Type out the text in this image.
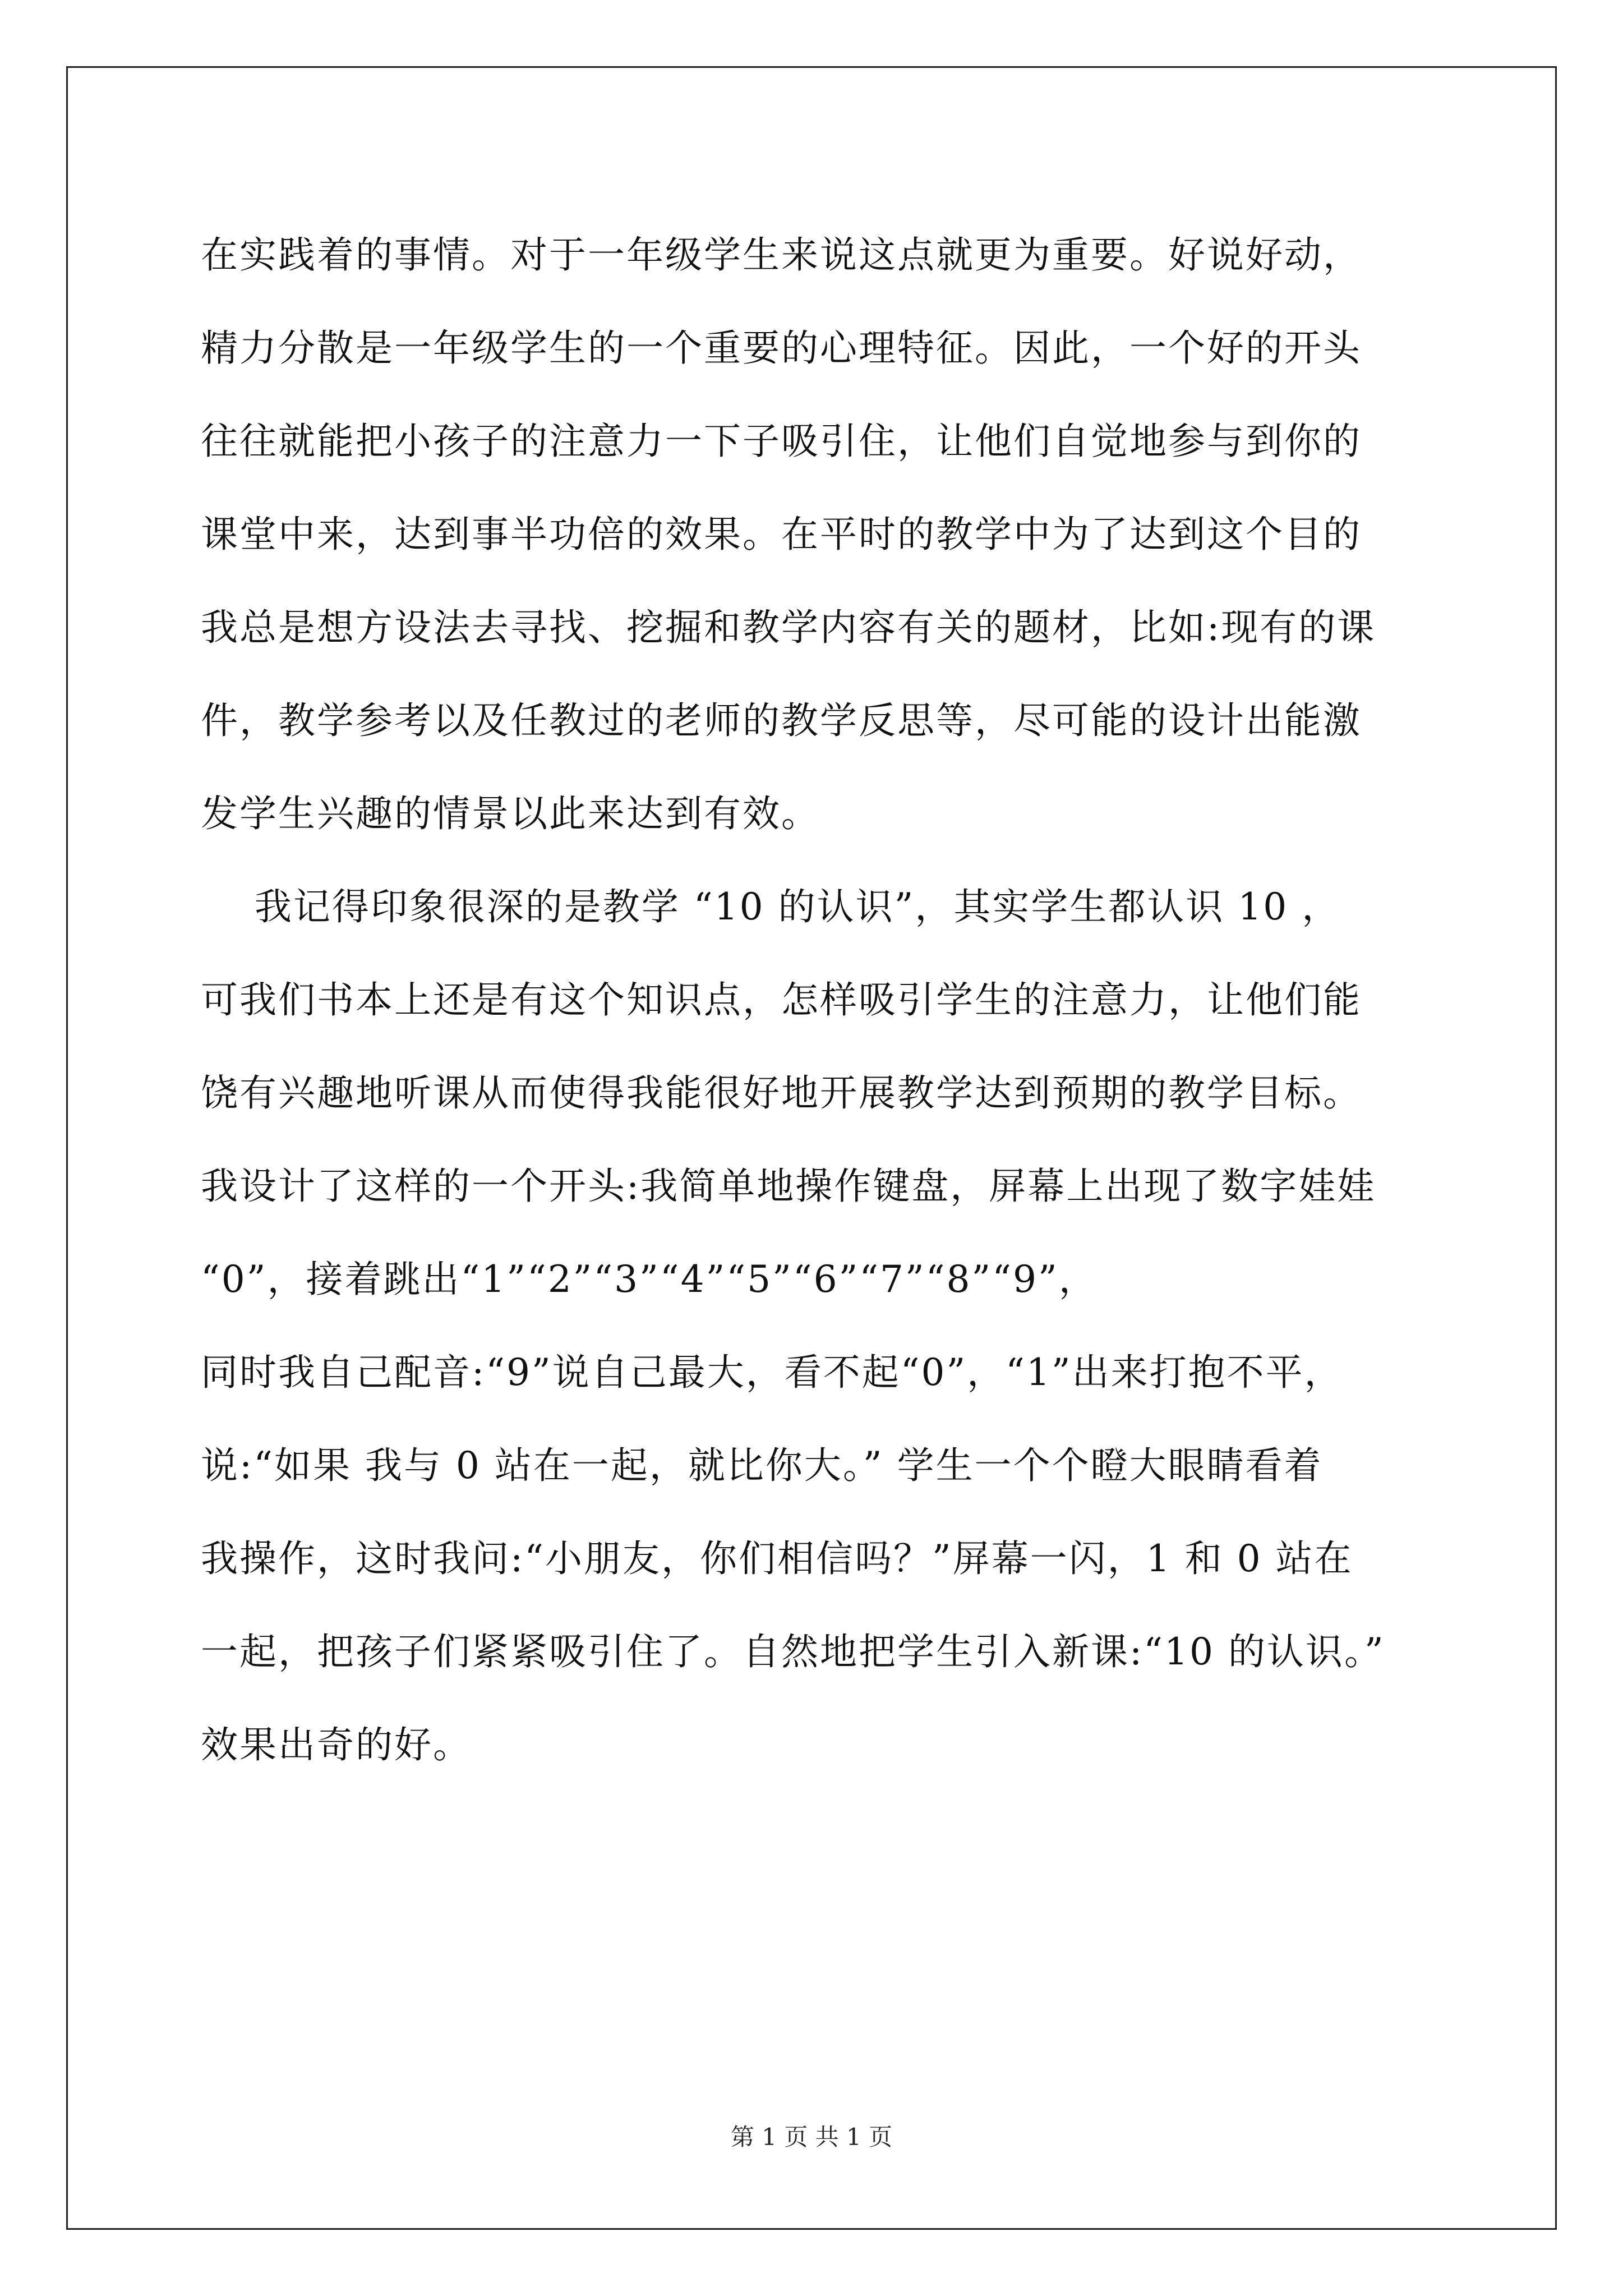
在实践着的事情。对于一年级学生来说这点就更为重要。好说好动，
精力分散是一年级学生的一个重要的心理特征。因此，一个好的开头
往往就能把小孩子的注意力一下子吸引住，让他们自觉地参与到你的
课堂中来，达到事半功倍的效果。在平时的教学中为了达到这个目的
我总是想方设法去寻找、挖掘和教学内容有关的题材，比如:现有的课
件，教学参考以及任教过的老师的教学反思等，尽可能的设计出能激
发学生兴趣的情景以此来达到有效。
我记得印象很深的是教学 “10 的认识”，其实学生都认识 10 ，
可我们书本上还是有这个知识点，怎样吸引学生的注意力，让他们能
饶有兴趣地听课从而使得我能很好地开展教学达到预期的教学目标。
我设计了这样的一个开头:我简单地操作键盘，屏幕上出现了数字娃娃
“0”，接着跳出“1”“2”“3”“4”“5”“6”“7”“8”“9”，
同时我自己配音:“9”说自己最大，看不起“0”，“1”出来打抱不平，
说:“如果 我与 0 站在一起，就比你大。” 学生一个个瞪大眼睛看着
我操作，这时我问:“小朋友，你们相信吗？”屏幕一闪，1 和 0 站在
一起，把孩子们紧紧吸引住了。自然地把学生引入新课:“10 的认识。”
效果出奇的好。
第 1 页 共 1 页
